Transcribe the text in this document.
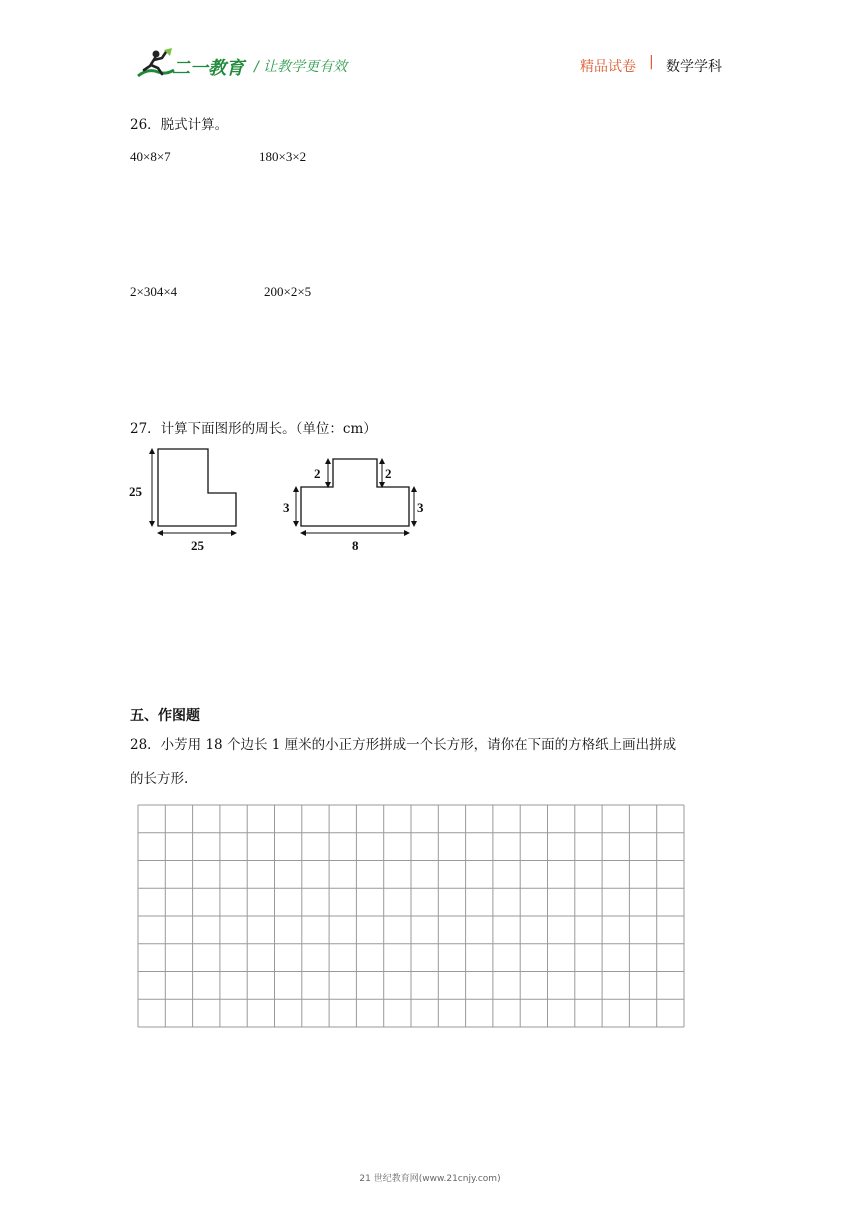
二一教育 / 让教学更有效	精品试卷 | 数学学科
26．脱式计算。
40×8×7	180×3×2
2×304×4	200×2×5
27．计算下面图形的周长。（单位：cm）
25
25
2	2
3	3
8
五、作图题
28．小芳用 18 个边长 1 厘米的小正方形拼成一个长方形，请你在下面的方格纸上画出拼成
的长方形.
21 世纪教育网(www.21cnjy.com)
